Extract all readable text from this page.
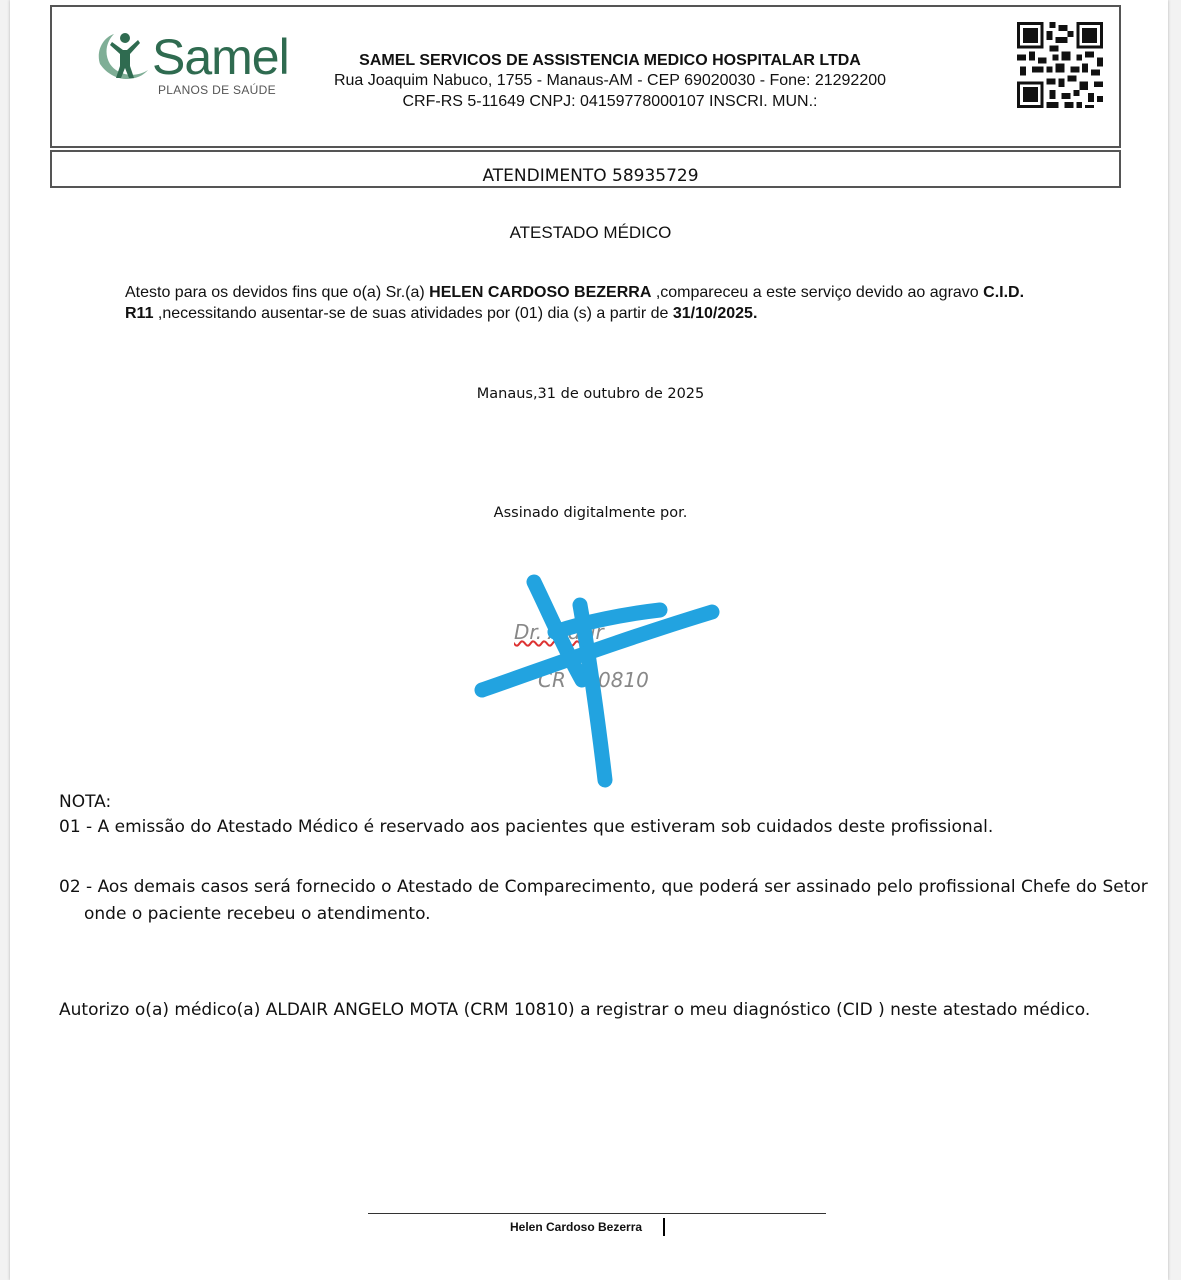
Samel
PLANOS DE SAÚDE
SAMEL SERVICOS DE ASSISTENCIA MEDICO HOSPITALAR LTDA
Rua Joaquim Nabuco, 1755 - Manaus-AM - CEP 69020030 - Fone: 21292200
CRF-RS 5-11649 CNPJ: 04159778000107 INSCRI. MUN.:
ATENDIMENTO 58935729
ATESTADO MÉDICO
Atesto para os devidos fins que o(a) Sr.(a) HELEN CARDOSO BEZERRA ,compareceu a este serviço devido ao agravo C.I.D.
R11 ,necessitando ausentar-se de suas atividades por (01) dia (s) a partir de 31/10/2025.
Manaus,31 de outubro de 2025
Assinado digitalmente por.
Dr. Ald ir
CR 0810
NOTA:
01 - A emissão do Atestado Médico é reservado aos pacientes que estiveram sob cuidados deste profissional.
02 - Aos demais casos será fornecido o Atestado de Comparecimento, que poderá ser assinado pelo profissional Chefe do Setor
onde o paciente recebeu o atendimento.
Autorizo o(a) médico(a) ALDAIR ANGELO MOTA (CRM 10810) a registrar o meu diagnóstico (CID ) neste atestado médico.
Helen Cardoso Bezerra
